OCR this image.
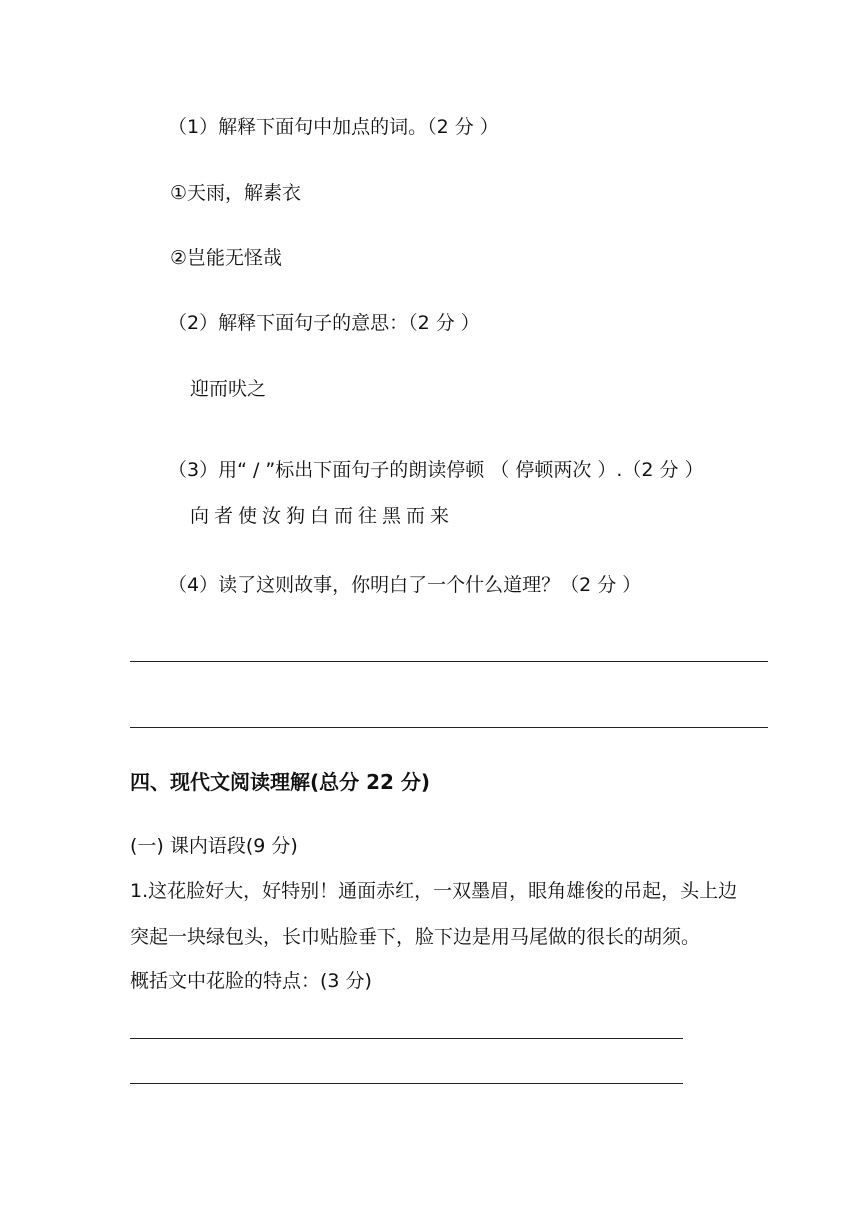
（1）解释下面句中加点的词。（2 分 ）
①天雨，解素衣
②岂能无怪哉
（2）解释下面句子的意思：（2 分 ）
迎而吠之
（3）用“ / ”标出下面句子的朗读停顿 （ 停顿两次 ）.（2 分 ）
向者使汝狗白而往黑而来
（4）读了这则故事，你明白了一个什么道理？（2 分 ）
四、现代文阅读理解(总分 22 分)
(一) 课内语段(9 分)
1.这花脸好大，好特别！通面赤红，一双墨眉，眼角雄俊的吊起，头上边
突起一块绿包头，长巾贴脸垂下，脸下边是用马尾做的很长的胡须。
概括文中花脸的特点：(3 分)
